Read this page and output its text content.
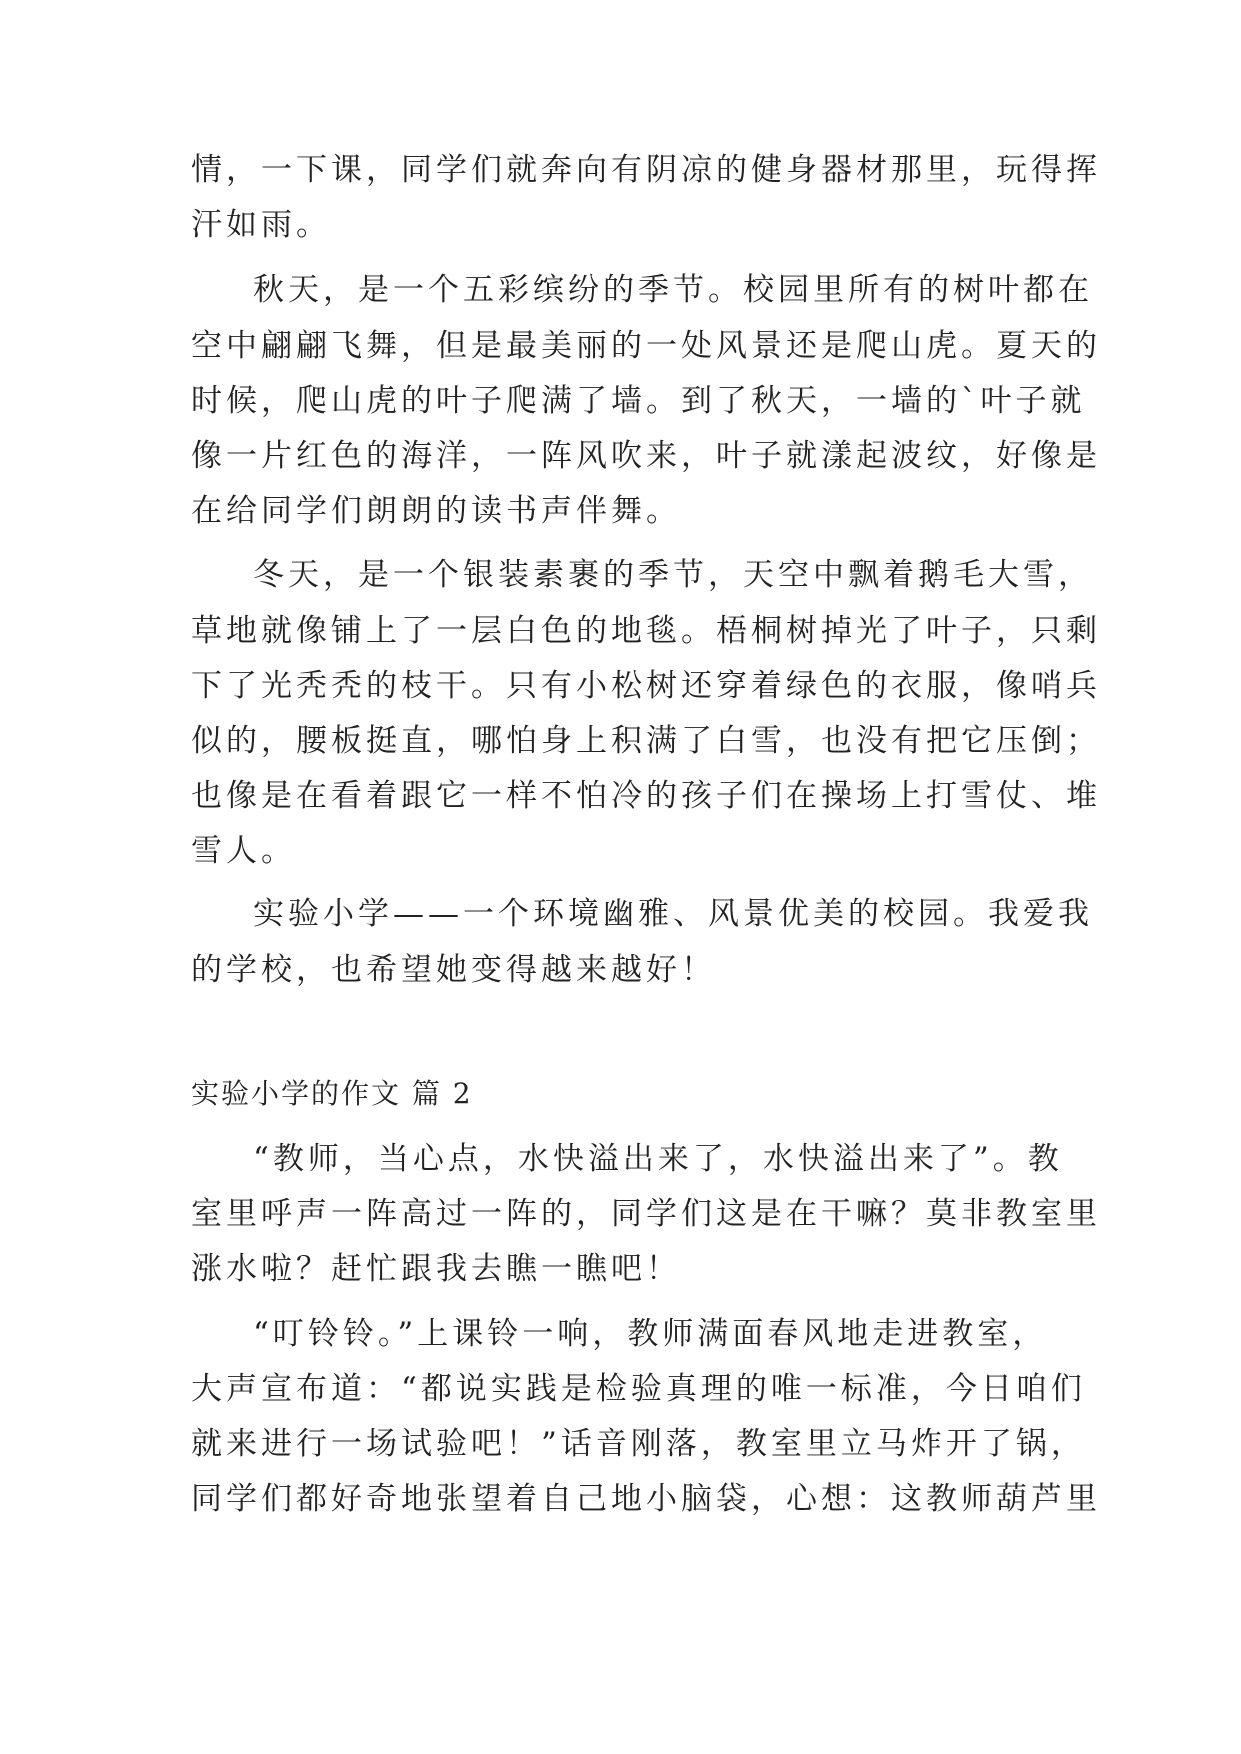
情，一下课，同学们就奔向有阴凉的健身器材那里，玩得挥
汗如雨。
秋天，是一个五彩缤纷的季节。校园里所有的树叶都在
空中翩翩飞舞，但是最美丽的一处风景还是爬山虎。夏天的
时候，爬山虎的叶子爬满了墙。到了秋天，一墙的`叶子就
像一片红色的海洋，一阵风吹来，叶子就漾起波纹，好像是
在给同学们朗朗的读书声伴舞。
冬天，是一个银装素裹的季节，天空中飘着鹅毛大雪，
草地就像铺上了一层白色的地毯。梧桐树掉光了叶子，只剩
下了光秃秃的枝干。只有小松树还穿着绿色的衣服，像哨兵
似的，腰板挺直，哪怕身上积满了白雪，也没有把它压倒；
也像是在看着跟它一样不怕冷的孩子们在操场上打雪仗、堆
雪人。
实验小学——一个环境幽雅、风景优美的校园。我爱我
的学校，也希望她变得越来越好！
实验小学的作文 篇 2
“教师，当心点，水快溢出来了，水快溢出来了”。教
室里呼声一阵高过一阵的，同学们这是在干嘛？莫非教室里
涨水啦？赶忙跟我去瞧一瞧吧！
“叮铃铃。”上课铃一响，教师满面春风地走进教室，
大声宣布道：“都说实践是检验真理的唯一标准，今日咱们
就来进行一场试验吧！”话音刚落，教室里立马炸开了锅，
同学们都好奇地张望着自己地小脑袋，心想：这教师葫芦里
